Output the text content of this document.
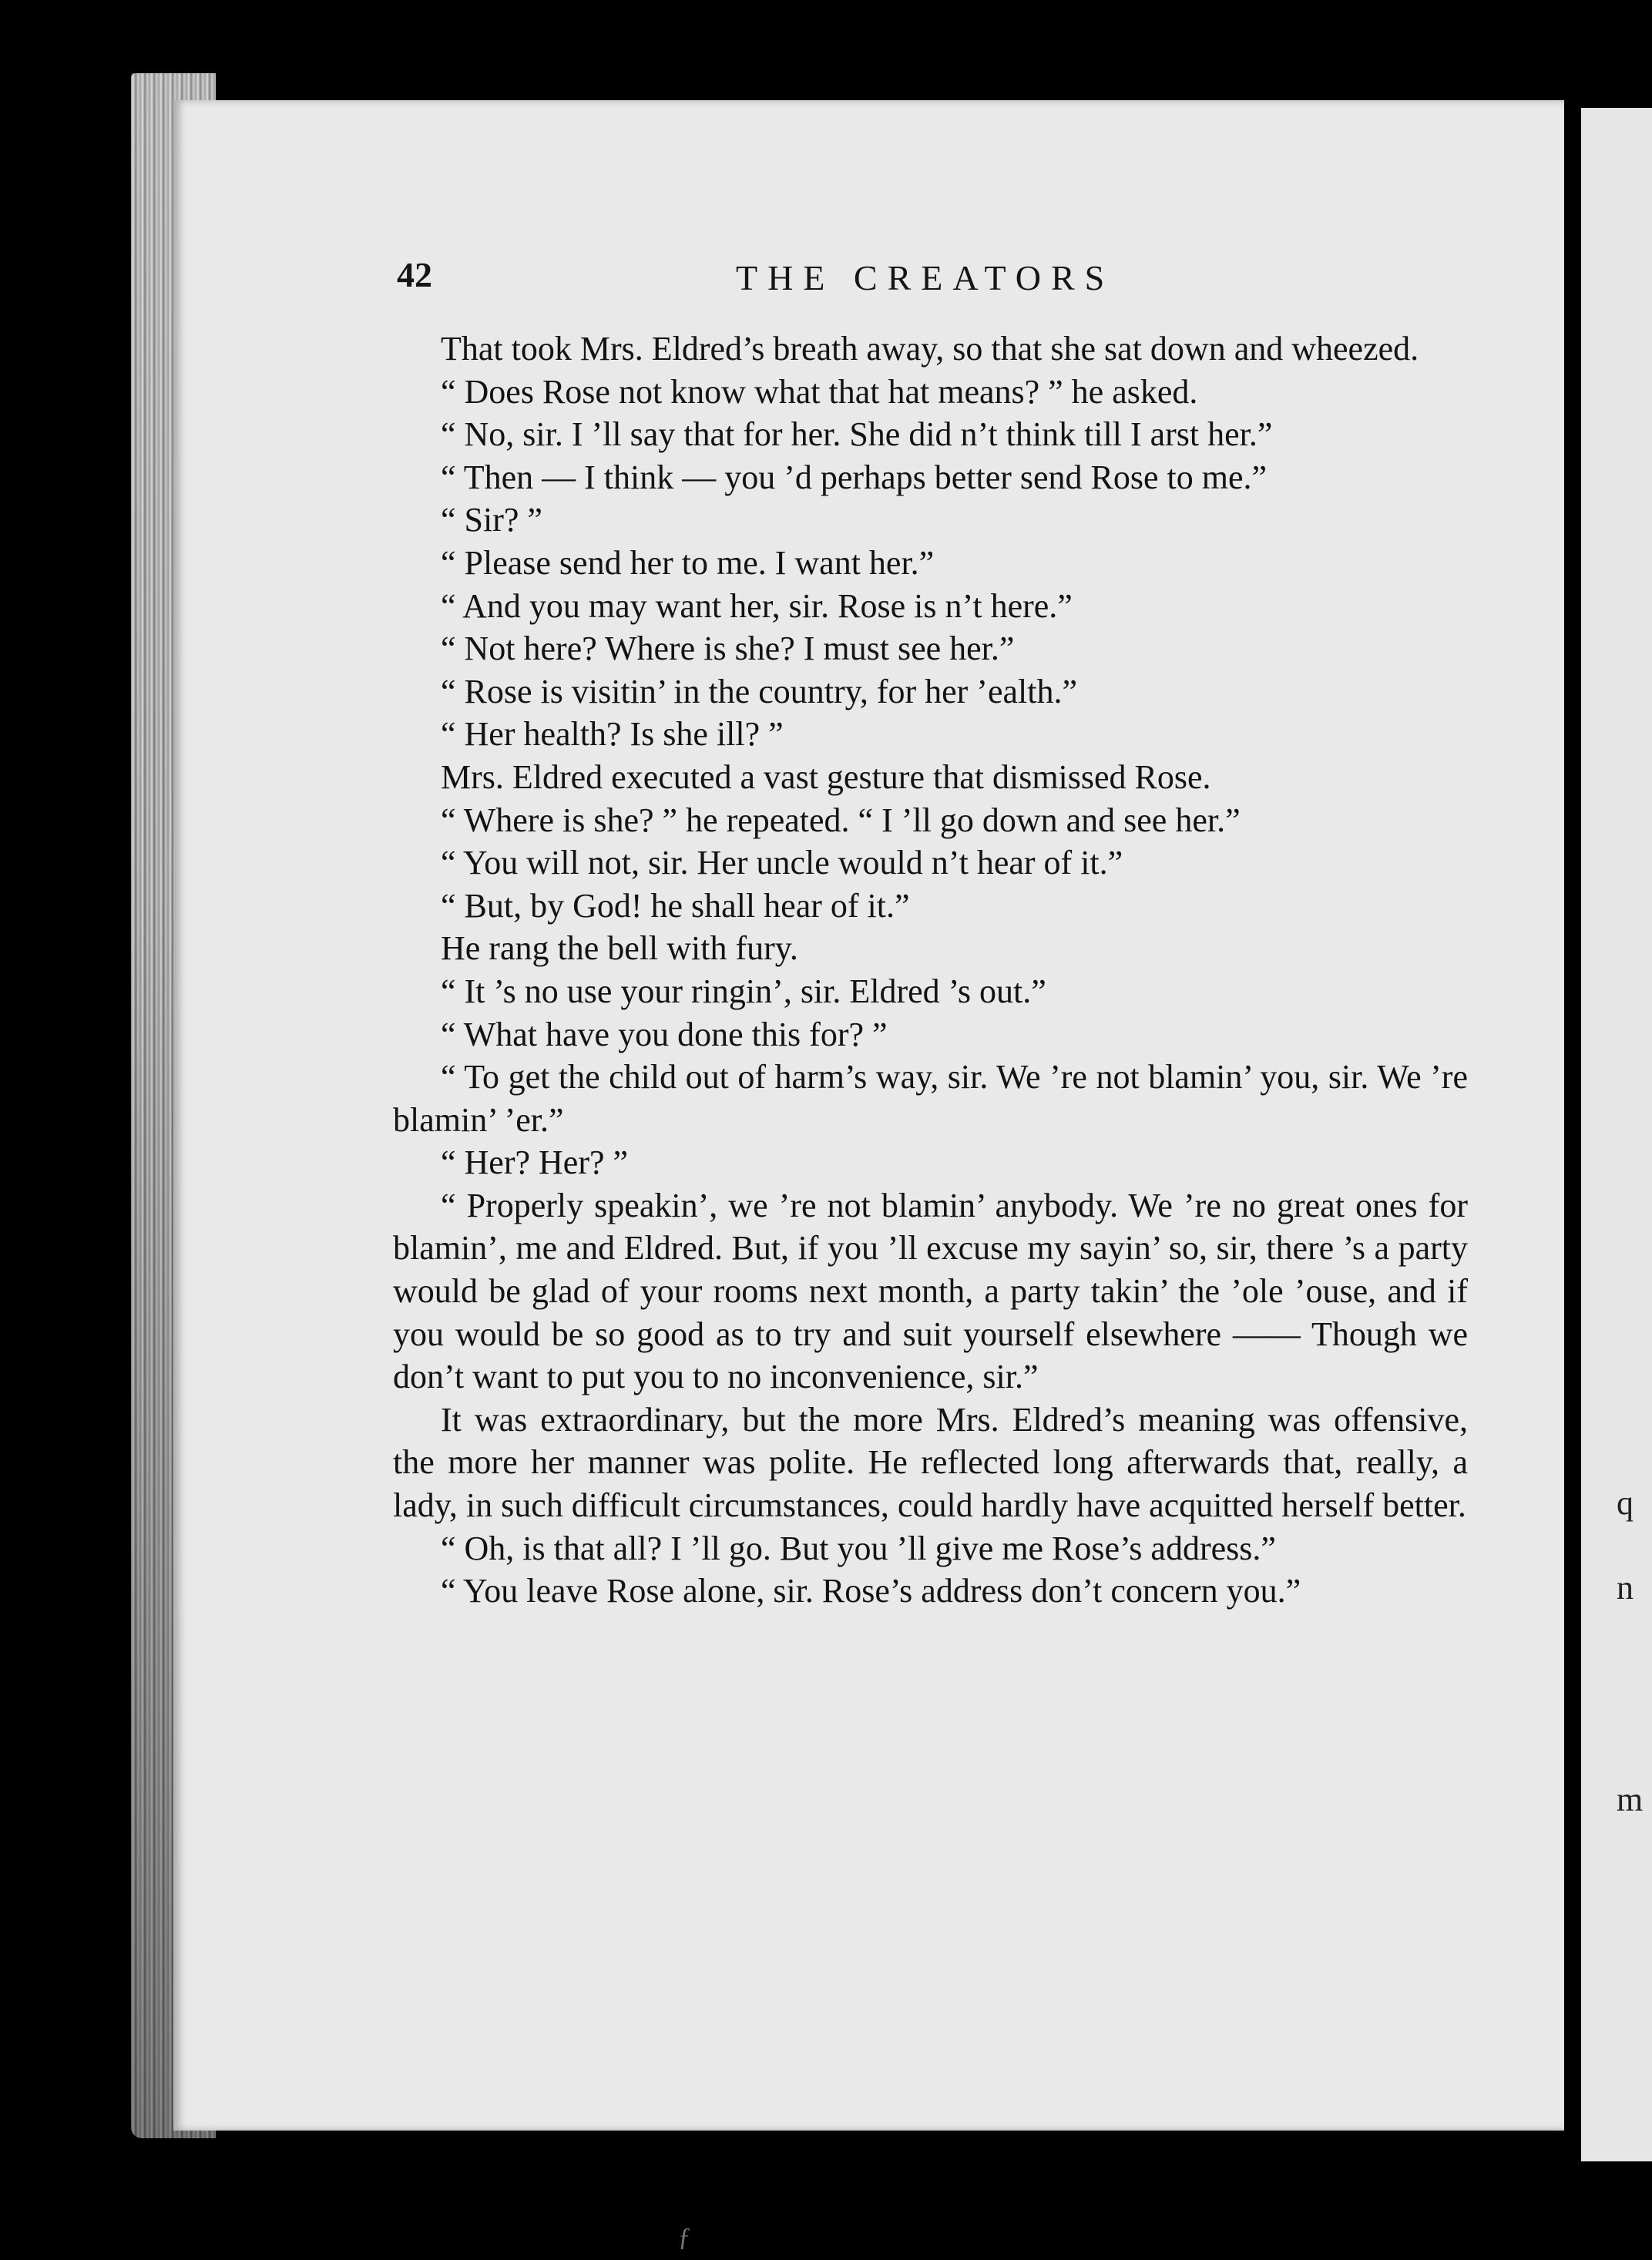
q
n
m
42	THE CREATORS

That took Mrs. Eldred’s breath away, so that she sat down and wheezed.

“ Does Rose not know what that hat means? ” he asked.

“ No, sir. I ’ll say that for her. She did n’t think till I arst her.”

“ Then — I think — you ’d perhaps better send Rose to me.”

“ Sir? ”

“ Please send her to me. I want her.”

“ And you may want her, sir. Rose is n’t here.”

“ Not here? Where is she? I must see her.”

“ Rose is visitin’ in the country, for her ’ealth.”

“ Her health? Is she ill? ”

Mrs. Eldred executed a vast gesture that dismissed Rose.

“ Where is she? ” he repeated. “ I ’ll go down and see her.”

“ You will not, sir. Her uncle would n’t hear of it.”

“ But, by God! he shall hear of it.”

He rang the bell with fury.

“ It ’s no use your ringin’, sir. Eldred ’s out.”

“ What have you done this for? ”

“ To get the child out of harm’s way, sir. We ’re not blamin’ you, sir. We ’re blamin’ ’er.”

“ Her? Her? ”

“ Properly speakin’, we ’re not blamin’ anybody. We ’re no great ones for blamin’, me and Eldred. But, if you ’ll excuse my sayin’ so, sir, there ’s a party would be glad of your rooms next month, a party takin’ the ’ole ’ouse, and if you would be so good as to try and suit yourself elsewhere —— Though we don’t want to put you to no inconvenience, sir.”

It was extraordinary, but the more Mrs. Eldred’s meaning was offensive, the more her manner was polite. He reflected long afterwards that, really, a lady, in such difficult circumstances, could hardly have acquitted herself better.

“ Oh, is that all? I ’ll go. But you ’ll give me Rose’s address.”

“ You leave Rose alone, sir. Rose’s address don’t concern you.”

ƒ
